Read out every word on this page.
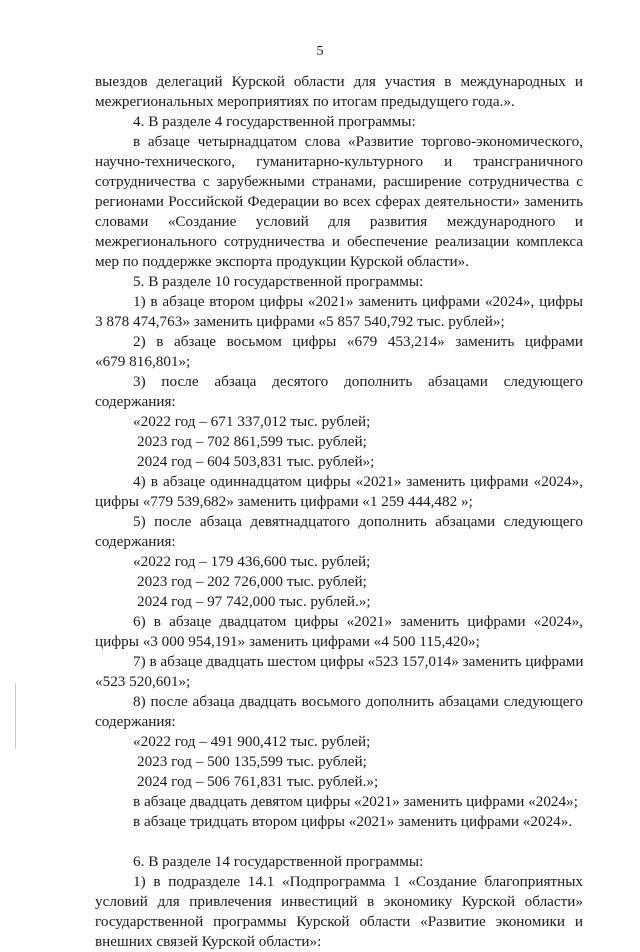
5
выездов делегаций Курской области для участия в международных и
межрегиональных мероприятиях по итогам предыдущего года.».
4. В разделе 4 государственной программы:
в абзаце четырнадцатом слова «Развитие торгово-экономического,
научно-технического, гуманитарно-культурного и трансграничного
сотрудничества с зарубежными странами, расширение сотрудничества с
регионами Российской Федерации во всех сферах деятельности» заменить
словами «Создание условий для развития международного и
межрегионального сотрудничества и обеспечение реализации комплекса
мер по поддержке экспорта продукции Курской области».
5. В разделе 10 государственной программы:
1) в абзаце втором цифры «2021» заменить цифрами «2024», цифры
3 878 474,763» заменить цифрами «5 857 540,792 тыс. рублей»;
2) в абзаце восьмом цифры «679 453,214» заменить цифрами
«679 816,801»;
3) после абзаца десятого дополнить абзацами следующего
содержания:
«2022 год – 671 337,012 тыс. рублей;
2023 год – 702 861,599 тыс. рублей;
2024 год – 604 503,831 тыс. рублей»;
4) в абзаце одиннадцатом цифры «2021» заменить цифрами «2024»,
цифры «779 539,682» заменить цифрами «1 259 444,482 »;
5) после абзаца девятнадцатого дополнить абзацами следующего
содержания:
«2022 год – 179 436,600 тыс. рублей;
2023 год – 202 726,000 тыс. рублей;
2024 год – 97 742,000 тыс. рублей.»;
6) в абзаце двадцатом цифры «2021» заменить цифрами «2024»,
цифры «3 000 954,191» заменить цифрами «4 500 115,420»;
7) в абзаце двадцать шестом цифры «523 157,014» заменить цифрами
«523 520,601»;
8) после абзаца двадцать восьмого дополнить абзацами следующего
содержания:
«2022 год – 491 900,412 тыс. рублей;
2023 год – 500 135,599 тыс. рублей;
2024 год – 506 761,831 тыс. рублей.»;
в абзаце двадцать девятом цифры «2021» заменить цифрами «2024»;
в абзаце тридцать втором цифры «2021» заменить цифрами «2024».
6. В разделе 14 государственной программы:
1) в подразделе 14.1 «Подпрограмма 1 «Создание благоприятных
условий для привлечения инвестиций в экономику Курской области»
государственной программы Курской области «Развитие экономики и
внешних связей Курской области»:
